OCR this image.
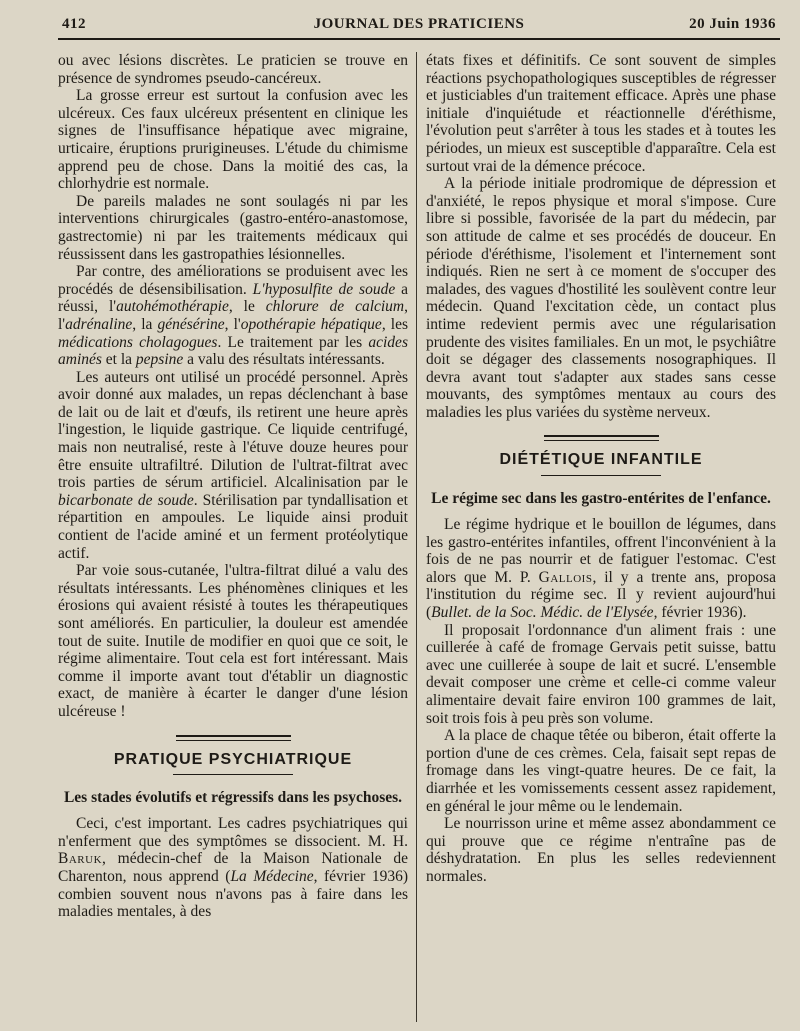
412	JOURNAL DES PRATICIENS	20 Juin 1936

ou avec lésions discrètes. Le praticien se trouve en présence de syndromes pseudo-cancéreux.

La grosse erreur est surtout la confusion avec les ulcéreux. Ces faux ulcéreux présentent en clinique les signes de l'insuffisance hépatique avec migraine, urticaire, éruptions prurigineuses. L'étude du chimisme apprend peu de chose. Dans la moitié des cas, la chlorhydrie est normale.

De pareils malades ne sont soulagés ni par les interventions chirurgicales (gastro-entéro-anastomose, gastrectomie) ni par les traitements médicaux qui réussissent dans les gastropathies lésionnelles.

Par contre, des améliorations se produisent avec les procédés de désensibilisation. L'hyposulfite de soude a réussi, l'autohémothérapie, le chlorure de calcium, l'adrénaline, la génésérine, l'opothérapie hépatique, les médications cholagogues. Le traitement par les acides aminés et la pepsine a valu des résultats intéressants.

Les auteurs ont utilisé un procédé personnel. Après avoir donné aux malades, un repas déclenchant à base de lait ou de lait et d'œufs, ils retirent une heure après l'ingestion, le liquide gastrique. Ce liquide centrifugé, mais non neutralisé, reste à l'étuve douze heures pour être ensuite ultrafiltré. Dilution de l'ultrat-filtrat avec trois parties de sérum artificiel. Alcalinisation par le bicarbonate de soude. Stérilisation par tyndallisation et répartition en ampoules. Le liquide ainsi produit contient de l'acide aminé et un ferment protéolytique actif.

Par voie sous-cutanée, l'ultra-filtrat dilué a valu des résultats intéressants. Les phénomènes cliniques et les érosions qui avaient résisté à toutes les thérapeutiques sont améliorés. En particulier, la douleur est amendée tout de suite. Inutile de modifier en quoi que ce soit, le régime alimentaire. Tout cela est fort intéressant. Mais comme il importe avant tout d'établir un diagnostic exact, de manière à écarter le danger d'une lésion ulcéreuse !

PRATIQUE PSYCHIATRIQUE
Les stades évolutifs et régressifs dans les psychoses.

Ceci, c'est important. Les cadres psychiatriques qui n'enferment que des symptômes se dissocient. M. H. Baruk, médecin-chef de la Maison Nationale de Charenton, nous apprend (La Médecine, février 1936) combien souvent nous n'avons pas à faire dans les maladies mentales, à des

états fixes et définitifs. Ce sont souvent de simples réactions psychopathologiques susceptibles de régresser et justiciables d'un traitement efficace. Après une phase initiale d'inquiétude et réactionnelle d'éréthisme, l'évolution peut s'arrêter à tous les stades et à toutes les périodes, un mieux est susceptible d'apparaître. Cela est surtout vrai de la démence précoce.

A la période initiale prodromique de dépression et d'anxiété, le repos physique et moral s'impose. Cure libre si possible, favorisée de la part du médecin, par son attitude de calme et ses procédés de douceur. En période d'éréthisme, l'isolement et l'internement sont indiqués. Rien ne sert à ce moment de s'occuper des malades, des vagues d'hostilité les soulèvent contre leur médecin. Quand l'excitation cède, un contact plus intime redevient permis avec une régularisation prudente des visites familiales. En un mot, le psychiâtre doit se dégager des classements nosographiques. Il devra avant tout s'adapter aux stades sans cesse mouvants, des symptômes mentaux au cours des maladies les plus variées du système nerveux.

DIÉTÉTIQUE INFANTILE
Le régime sec dans les gastro-entérites de l'enfance.

Le régime hydrique et le bouillon de légumes, dans les gastro-entérites infantiles, offrent l'inconvénient à la fois de ne pas nourrir et de fatiguer l'estomac. C'est alors que M. P. Gallois, il y a trente ans, proposa l'institution du régime sec. Il y revient aujourd'hui (Bullet. de la Soc. Médic. de l'Elysée, février 1936).

Il proposait l'ordonnance d'un aliment frais : une cuillerée à café de fromage Gervais petit suisse, battu avec une cuillerée à soupe de lait et sucré. L'ensemble devait composer une crème et celle-ci comme valeur alimentaire devait faire environ 100 grammes de lait, soit trois fois à peu près son volume.

A la place de chaque têtée ou biberon, était offerte la portion d'une de ces crèmes. Cela, faisait sept repas de fromage dans les vingt-quatre heures. De ce fait, la diarrhée et les vomissements cessent assez rapidement, en général le jour même ou le lendemain.

Le nourrisson urine et même assez abondamment ce qui prouve que ce régime n'entraîne pas de déshydratation. En plus les selles redeviennent normales.
